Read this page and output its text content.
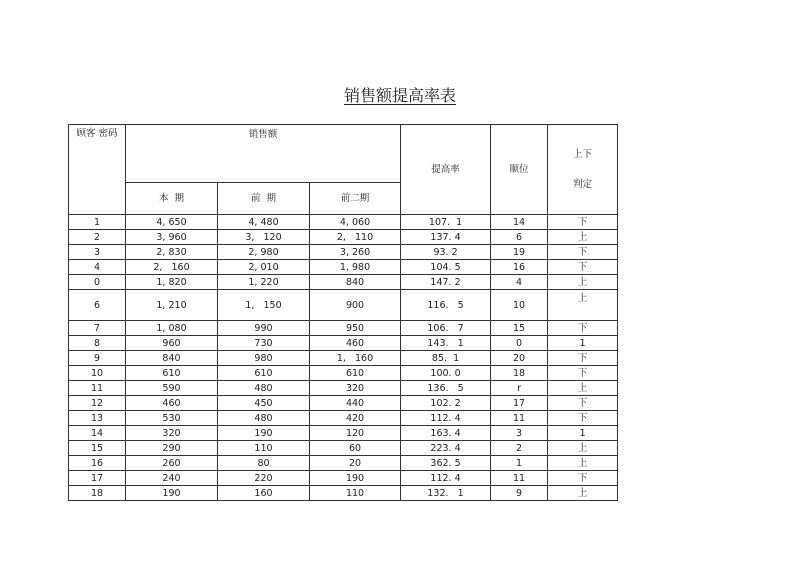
销售额提高率表
顾客 密码	销售额			提高率	顺位	上下

判定

	本  期	前  期	前二期			
1	4, 650	4, 480	4, 060	107.  1	14	下
2	3, 960	3,   120	2,   110	137. 4	6	上
3	2, 830	2, 980	3, 260	93. 2	19	下
4	2,   160	2, 010	1, 980	104. 5	16	下
0	1, 820	1, 220	840	147. 2	4	上
6	1, 210	1,   150	900	116.   5	10	上
7	1, 080	990	950	106.   7	15	下
8	960	730	460	143.   1	0	1
9	840	980	1,   160	85.  1	20	下
10	610	610	610	100. 0	18	下
11	590	480	320	136.   5	r	上
12	460	450	440	102. 2	17	下
13	530	480	420	112. 4	11	下
14	320	190	120	163. 4	3	1
15	290	110	60	223. 4	2	上
16	260	80	20	362. 5	1	上
17	240	220	190	112. 4	11	下
18	190	160	110	132.   1	9	上
